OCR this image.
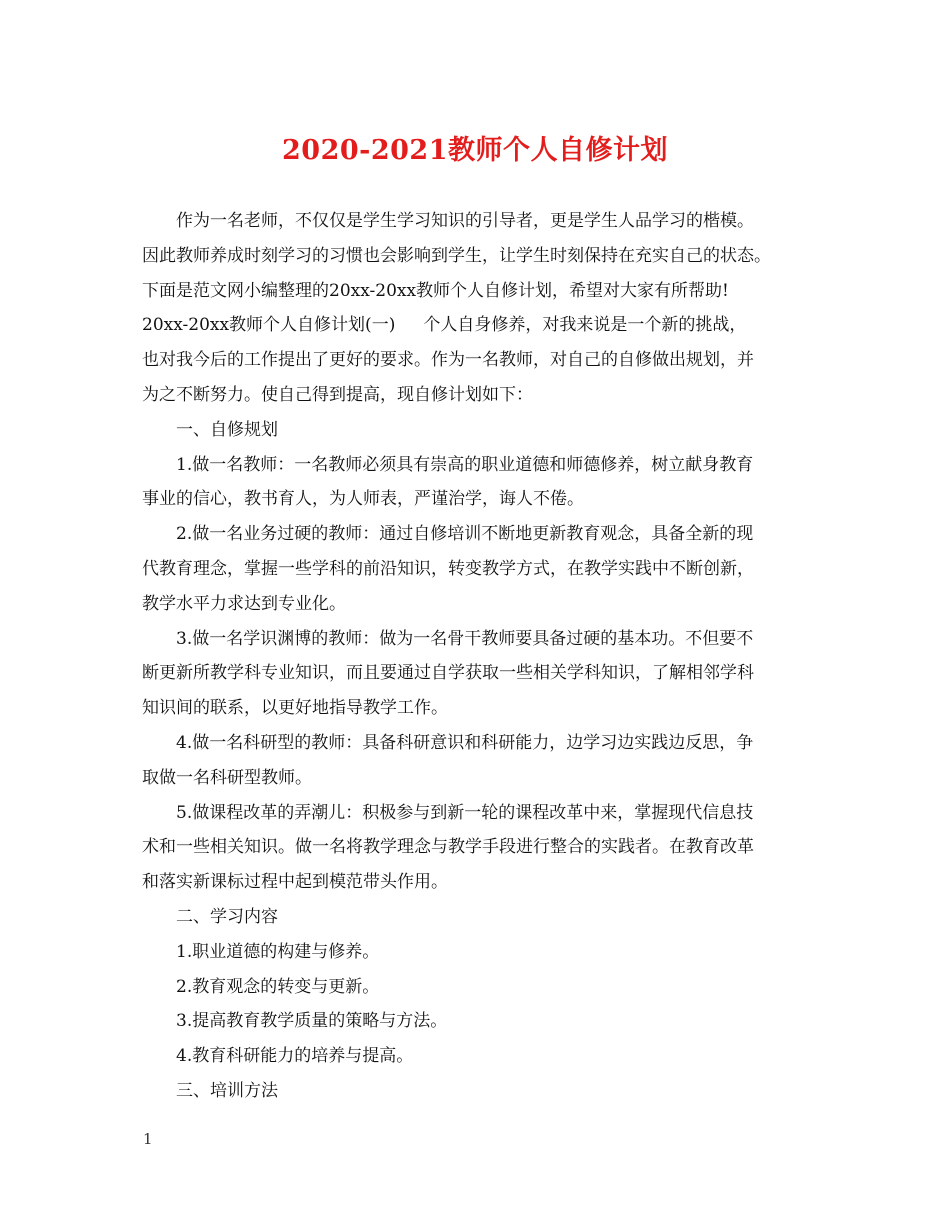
2020-2021教师个人自修计划
作为一名老师，不仅仅是学生学习知识的引导者，更是学生人品学习的楷模。
因此教师养成时刻学习的习惯也会影响到学生，让学生时刻保持在充实自己的状态。
下面是范文网小编整理的20xx-20xx教师个人自修计划，希望对大家有所帮助!
20xx-20xx教师个人自修计划(一) 个人自身修养，对我来说是一个新的挑战，
也对我今后的工作提出了更好的要求。作为一名教师，对自己的自修做出规划，并
为之不断努力。使自己得到提高，现自修计划如下：
一、自修规划
1.做一名教师：一名教师必须具有崇高的职业道德和师德修养，树立献身教育
事业的信心，教书育人，为人师表，严谨治学，诲人不倦。
2.做一名业务过硬的教师：通过自修培训不断地更新教育观念，具备全新的现
代教育理念，掌握一些学科的前沿知识，转变教学方式，在教学实践中不断创新，
教学水平力求达到专业化。
3.做一名学识渊博的教师：做为一名骨干教师要具备过硬的基本功。不但要不
断更新所教学科专业知识，而且要通过自学获取一些相关学科知识，了解相邻学科
知识间的联系，以更好地指导教学工作。
4.做一名科研型的教师：具备科研意识和科研能力，边学习边实践边反思，争
取做一名科研型教师。
5.做课程改革的弄潮儿：积极参与到新一轮的课程改革中来，掌握现代信息技
术和一些相关知识。做一名将教学理念与教学手段进行整合的实践者。在教育改革
和落实新课标过程中起到模范带头作用。
二、学习内容
1.职业道德的构建与修养。
2.教育观念的转变与更新。
3.提高教育教学质量的策略与方法。
4.教育科研能力的培养与提高。
三、培训方法
1
